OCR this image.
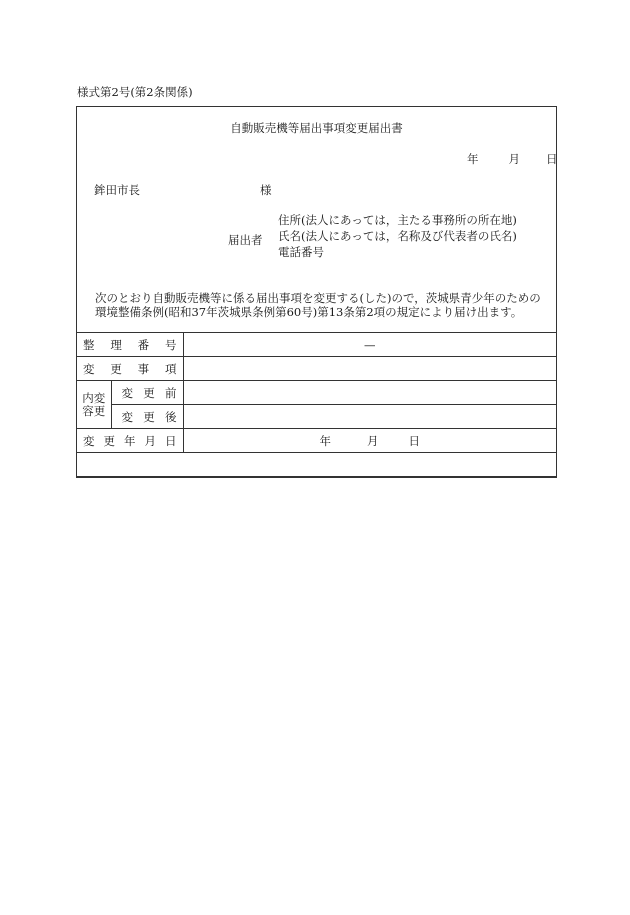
様式第2号(第2条関係)
自動販売機等届出事項変更届出書
年	月 日
鉾田市長	様
住所(法人にあっては，主たる事務所の所在地)
届出者 氏名(法人にあっては，名称及び代表者の氏名)
電話番号
次のとおり自動販売機等に係る届出事項を変更する(した)ので，茨城県青少年のための環境整備条例(昭和37年茨城県条例第60号)第13条第2項の規定により届け出ます。
整理番号		—
変更事項		

内変
容更	変更前	
	変更後	
変更年月日		年 月 日
